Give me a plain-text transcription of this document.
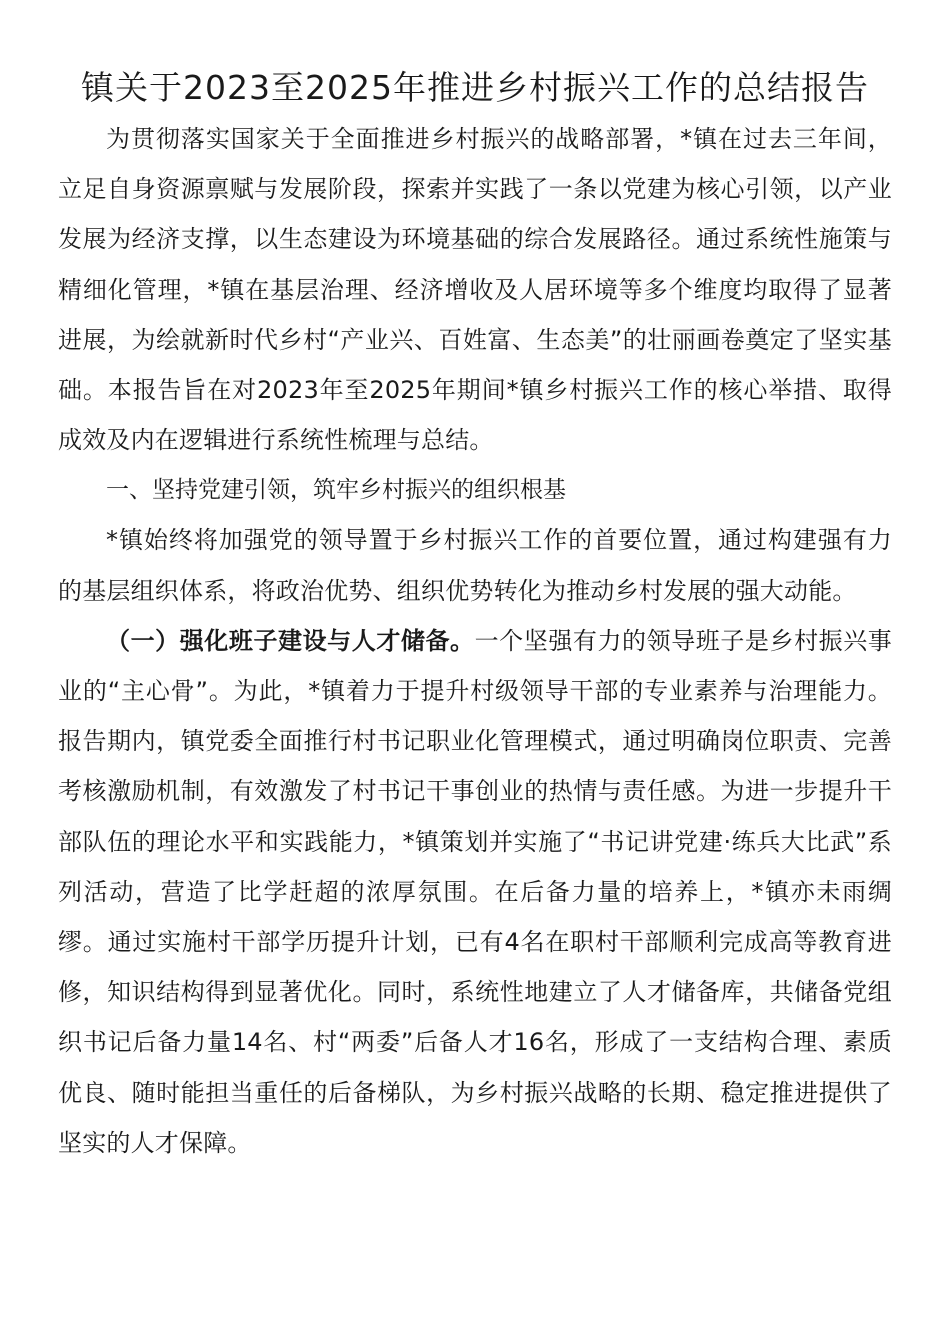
镇关于2023至2025年推进乡村振兴工作的总结报告

为贯彻落实国家关于全面推进乡村振兴的战略部署，*镇在过去三年间，立足自身资源禀赋与发展阶段，探索并实践了一条以党建为核心引领，以产业发展为经济支撑，以生态建设为环境基础的综合发展路径。通过系统性施策与精细化管理，*镇在基层治理、经济增收及人居环境等多个维度均取得了显著进展，为绘就新时代乡村“产业兴、百姓富、生态美”的壮丽画卷奠定了坚实基础。本报告旨在对2023年至2025年期间*镇乡村振兴工作的核心举措、取得成效及内在逻辑进行系统性梳理与总结。

一、坚持党建引领，筑牢乡村振兴的组织根基

*镇始终将加强党的领导置于乡村振兴工作的首要位置，通过构建强有力的基层组织体系，将政治优势、组织优势转化为推动乡村发展的强大动能。

（一）强化班子建设与人才储备。一个坚强有力的领导班子是乡村振兴事业的“主心骨”。为此，*镇着力于提升村级领导干部的专业素养与治理能力。报告期内，镇党委全面推行村书记职业化管理模式，通过明确岗位职责、完善考核激励机制，有效激发了村书记干事创业的热情与责任感。为进一步提升干部队伍的理论水平和实践能力，*镇策划并实施了“书记讲党建·练兵大比武”系列活动，营造了比学赶超的浓厚氛围。在后备力量的培养上，*镇亦未雨绸缪。通过实施村干部学历提升计划，已有4名在职村干部顺利完成高等教育进修，知识结构得到显著优化。同时，系统性地建立了人才储备库，共储备党组织书记后备力量14名、村“两委”后备人才16名，形成了一支结构合理、素质优良、随时能担当重任的后备梯队，为乡村振兴战略的长期、稳定推进提供了坚实的人才保障。
